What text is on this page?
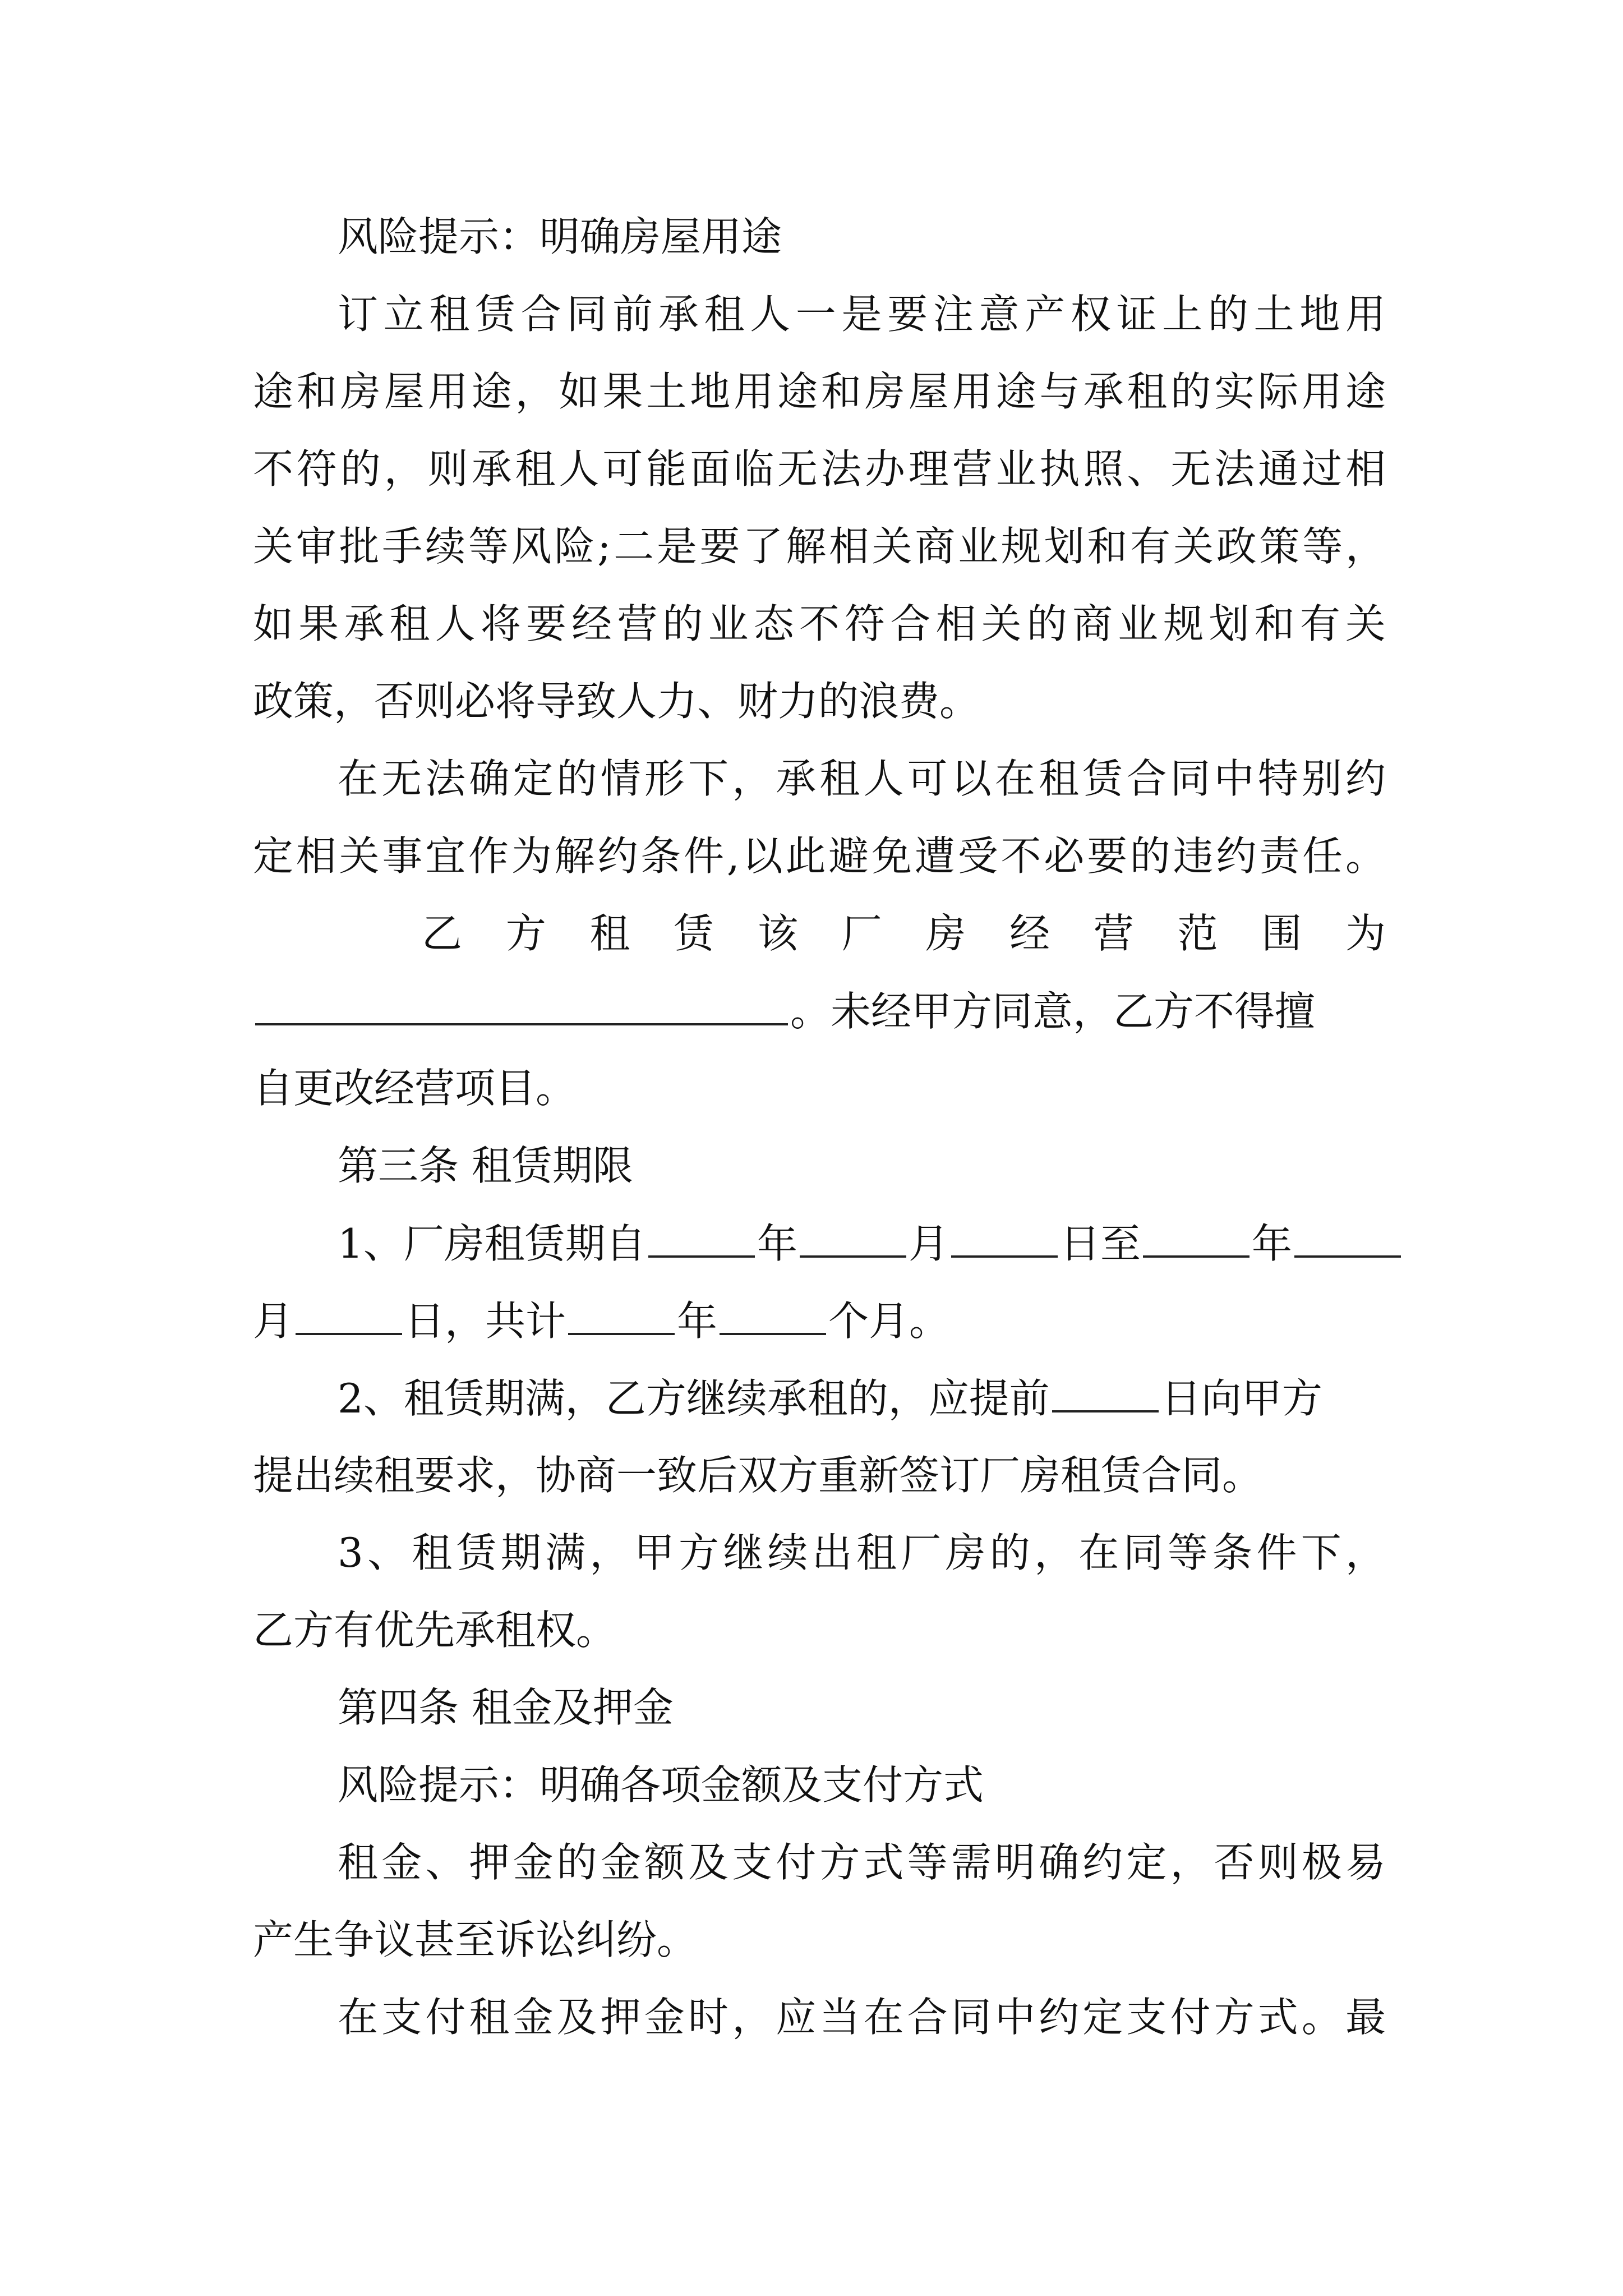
风险提示：明确房屋用途
订立租赁合同前承租人一是要注意产权证上的土地用
途和房屋用途，如果土地用途和房屋用途与承租的实际用途
不符的，则承租人可能面临无法办理营业执照、无法通过相
关审批手续等风险;二是要了解相关商业规划和有关政策等，
如果承租人将要经营的业态不符合相关的商业规划和有关
政策，否则必将导致人力、财力的浪费。
在无法确定的情形下，承租人可以在租赁合同中特别约
定相关事宜作为解约条件,以此避免遭受不必要的违约责任。
乙 方 租 赁 该 厂 房 经 营 范 围 为
。未经甲方同意，乙方不得擅
自更改经营项目。
第三条 租赁期限
1、厂房租赁期自	年	月	日至	年
月	日，共计	年	个月。
2、租赁期满，乙方继续承租的，应提前	日向甲方
提出续租要求，协商一致后双方重新签订厂房租赁合同。
3、租赁期满，甲方继续出租厂房的，在同等条件下，
乙方有优先承租权。
第四条 租金及押金
风险提示：明确各项金额及支付方式
租金、押金的金额及支付方式等需明确约定，否则极易
产生争议甚至诉讼纠纷。
在支付租金及押金时，应当在合同中约定支付方式。最
